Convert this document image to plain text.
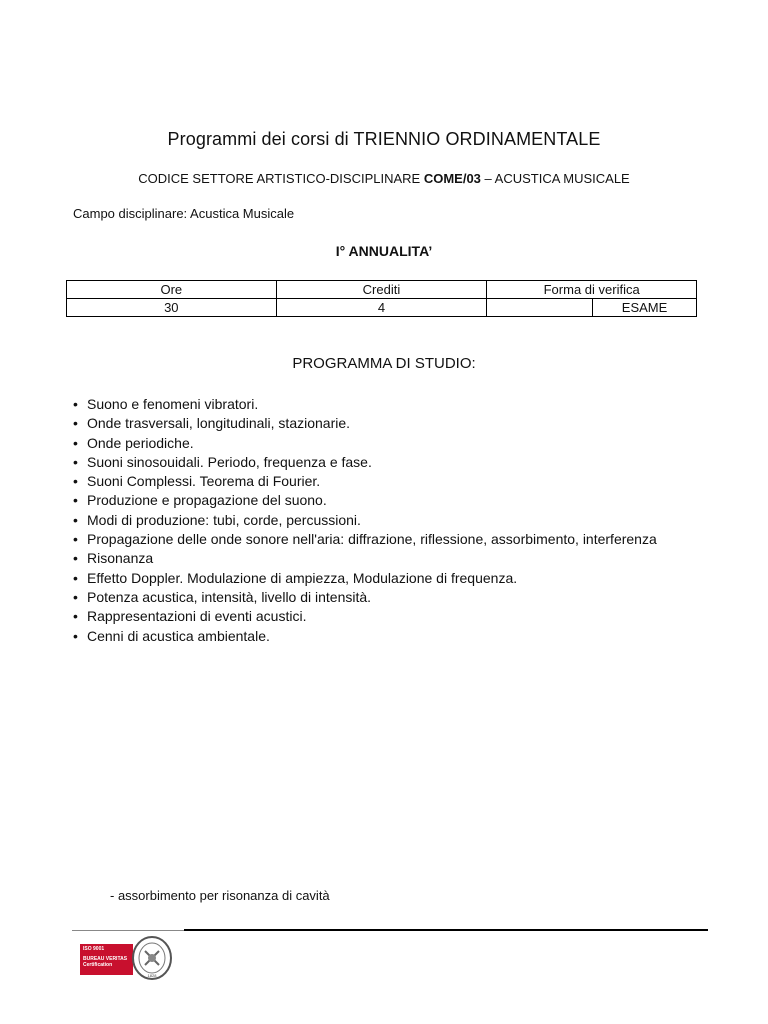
Programmi dei corsi di TRIENNIO ORDINAMENTALE
CODICE SETTORE ARTISTICO-DISCIPLINARE COME/03 – ACUSTICA MUSICALE
Campo disciplinare: Acustica Musicale
I° ANNUALITA’
Ore	Crediti	Forma di verifica	
30	4		ESAME
PROGRAMMA DI STUDIO:
• Suono e fenomeni vibratori.
• Onde trasversali, longitudinali, stazionarie.
• Onde periodiche.
• Suoni sinosouidali. Periodo, frequenza e fase.
• Suoni Complessi. Teorema di Fourier.
• Produzione e propagazione del suono.
• Modi di produzione: tubi, corde, percussioni.
• Propagazione delle onde sonore nell'aria: diffrazione, riflessione, assorbimento, interferenza
• Risonanza
• Effetto Doppler. Modulazione di ampiezza, Modulazione di frequenza.
• Potenza acustica, intensità, livello di intensità.
• Rappresentazioni di eventi acustici.
• Cenni di acustica ambientale.
- assorbimento per risonanza di cavità
ISO 9001
BUREAU VERITAS
Certification
1828
